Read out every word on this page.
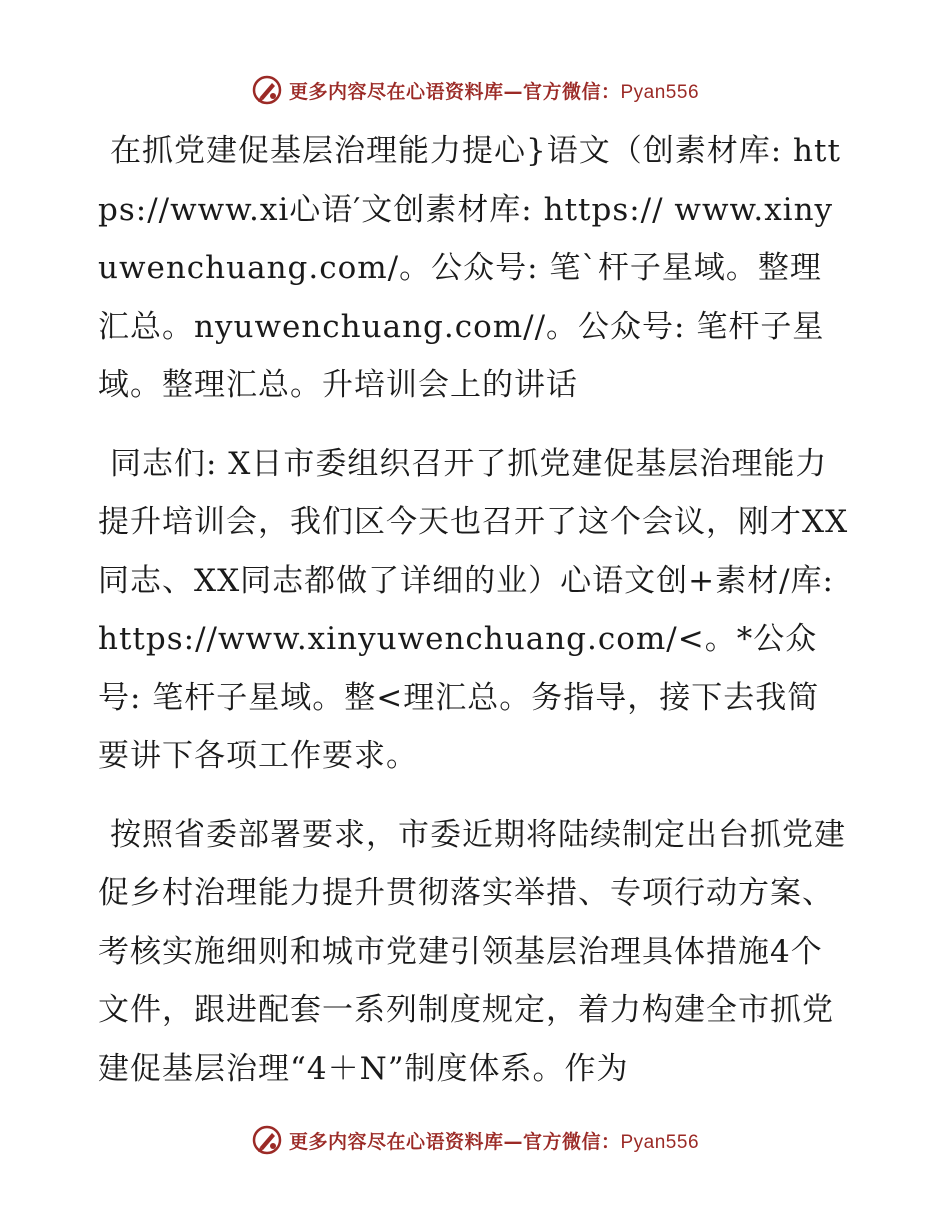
更多内容尽在心语资料库—官方微信：Pyan556

在抓党建促基层治理能力提心}语文（创素材库: https://www.xi心语′文创素材库: https:// www.xinyuwenchuang.com/。公众号: 笔`杆子星域。整理汇总。nyuwenchuang.com//。公众号: 笔杆子星域。整理汇总。升培训会上的讲话

同志们: X日市委组织召开了抓党建促基层治理能力提升培训会，我们区今天也召开了这个会议，刚才XX同志、XX同志都做了详细的业）心语文创+素材/库: https://www.xinyuwenchuang.com/<。*公众号: 笔杆子星域。整<理汇总。务指导，接下去我简要讲下各项工作要求。

按照省委部署要求，市委近期将陆续制定出台抓党建促乡村治理能力提升贯彻落实举措、专项行动方案、考核实施细则和城市党建引领基层治理具体措施4个文件，跟进配套一系列制度规定，着力构建全市抓党建促基层治理“4＋N”制度体系。作为

更多内容尽在心语资料库—官方微信：Pyan556
